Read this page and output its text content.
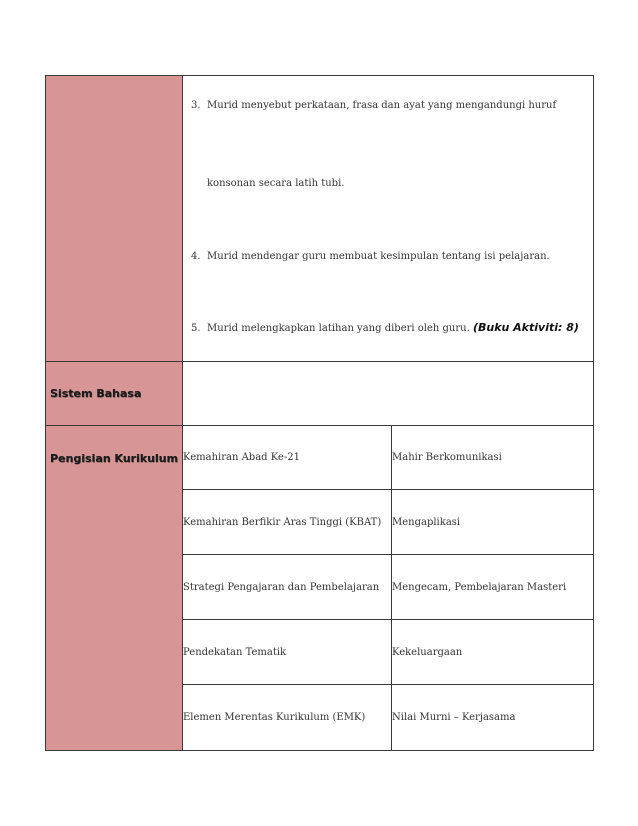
	3. Murid menyebut perkataan, frasa dan ayat yang mengandungi huruf
konsonan secara latih tubi.
4. Murid mendengar guru membuat kesimpulan tentang isi pelajaran.
5. Murid melengkapkan latihan yang diberi oleh guru. (Buku Aktiviti: 8)	

Sistem Bahasa		

Pengisian Kurikulum	Kemahiran Abad Ke-21	Mahir Berkomunikasi
	Kemahiran Berfikir Aras Tinggi (KBAT)	Mengaplikasi
	Strategi Pengajaran dan Pembelajaran	Mengecam, Pembelajaran Masteri
	Pendekatan Tematik	Kekeluargaan
	Elemen Merentas Kurikulum (EMK)	Nilai Murni – Kerjasama
